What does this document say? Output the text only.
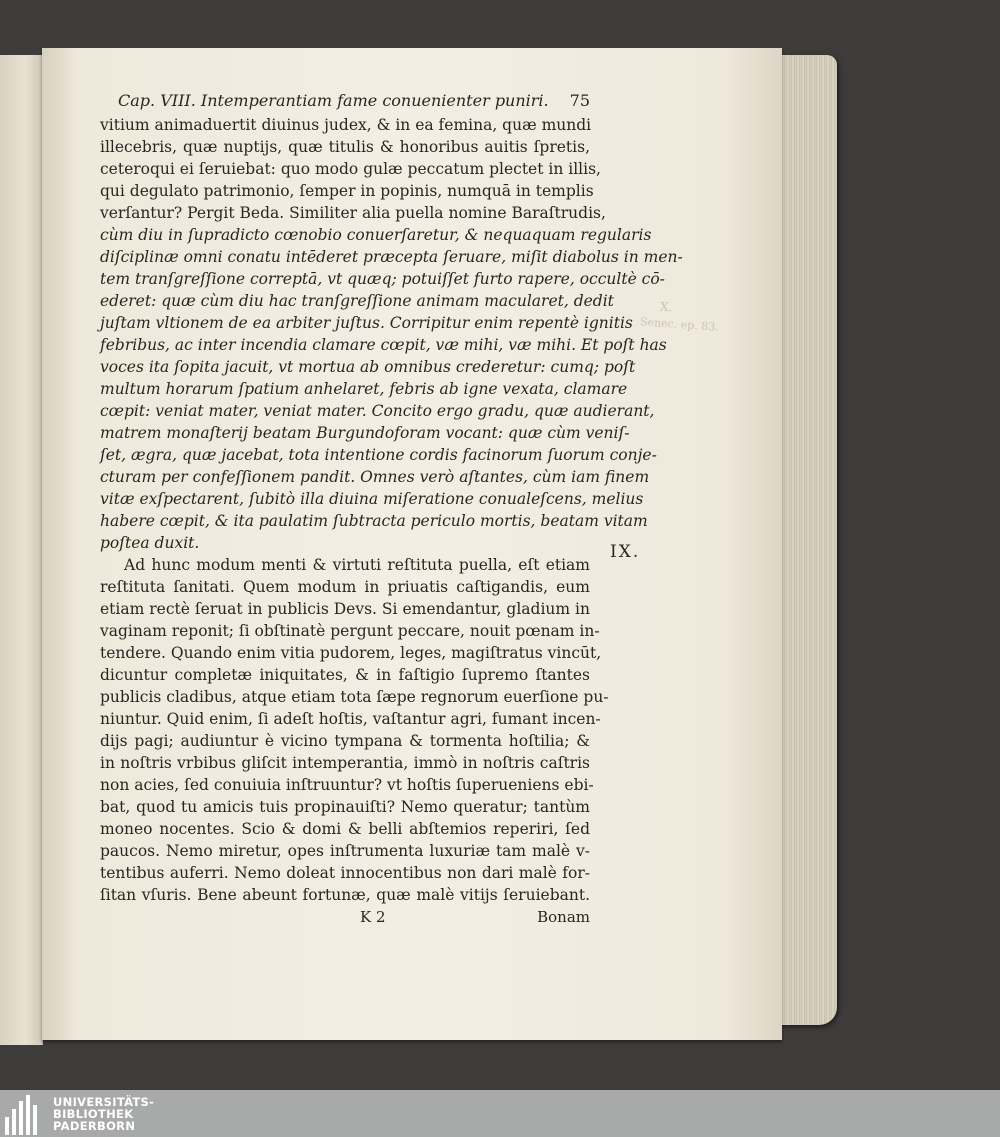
X.
Senec. ep. 83.
Cap. VIII. Intemperantiam fame conuenienter puniri. 75
vitium animaduertit diuinus judex, & in ea femina, quæ mundi
illecebris, quæ nuptijs, quæ titulis & honoribus auitis ſpretis,
ceteroqui ei ſeruiebat: quo modo gulæ peccatum plectet in illis,
qui degulato patrimonio, ſemper in popinis, numquā in templis
verſantur? Pergit Beda. Similiter alia puella nomine Baraſtrudis,
cùm diu in ſupradicto cœnobio conuerſaretur, & nequaquam regularis
diſciplinæ omni conatu intēderet præcepta ſeruare, miſit diabolus in men-
tem tranſgreſſione correptā, vt quæq; potuiſſet furto rapere, occultè cō-
ederet: quæ cùm diu hac tranſgreſſione animam macularet, dedit
juſtam vltionem de ea arbiter juſtus. Corripitur enim repentè ignitis
febribus, ac inter incendia clamare cœpit, væ mihi, væ mihi. Et poſt has
voces ita ſopita jacuit, vt mortua ab omnibus crederetur: cumq; poſt
multum horarum ſpatium anhelaret, febris ab igne vexata, clamare
cœpit: veniat mater, veniat mater. Concito ergo gradu, quæ audierant,
matrem monaſterij beatam Burgundoforam vocant: quæ cùm veniſ-
ſet, ægra, quæ jacebat, tota intentione cordis facinorum ſuorum conje-
cturam per confeſſionem pandit. Omnes verò aſtantes, cùm iam finem
vitæ exſpectarent, ſubitò illa diuina miſeratione conualeſcens, melius
habere cœpit, & ita paulatim ſubtracta periculo mortis, beatam vitam
poſtea duxit.
Ad hunc modum menti & virtuti reſtituta puella, eſt etiam
reſtituta ſanitati. Quem modum in priuatis caſtigandis, eum
etiam rectè ſeruat in publicis Devs. Si emendantur, gladium in
vaginam reponit; ſi obſtinatè pergunt peccare, nouit pœnam in-
tendere. Quando enim vitia pudorem, leges, magiſtratus vincūt,
dicuntur completæ iniquitates, & in faſtigio ſupremo ſtantes
publicis cladibus, atque etiam tota ſæpe regnorum euerſione pu-
niuntur. Quid enim, ſi adeſt hoſtis, vaſtantur agri, fumant incen-
dijs pagi; audiuntur è vicino tympana & tormenta hoſtilia; &
in noſtris vrbibus gliſcit intemperantia, immò in noſtris caſtris
non acies, ſed conuiuia inſtruuntur? vt hoſtis ſuperueniens ebi-
bat, quod tu amicis tuis propinauiſti? Nemo queratur; tantùm
moneo nocentes. Scio & domi & belli abſtemios reperiri, ſed
paucos. Nemo miretur, opes inſtrumenta luxuriæ tam malè v-
tentibus auferri. Nemo doleat innocentibus non dari malè for-
ſitan vſuris. Bene abeunt fortunæ, quæ malè vitijs ſeruiebant.
K 2	Bonam
IX.
UNIVERSITÄTS-
BIBLIOTHEK
PADERBORN
